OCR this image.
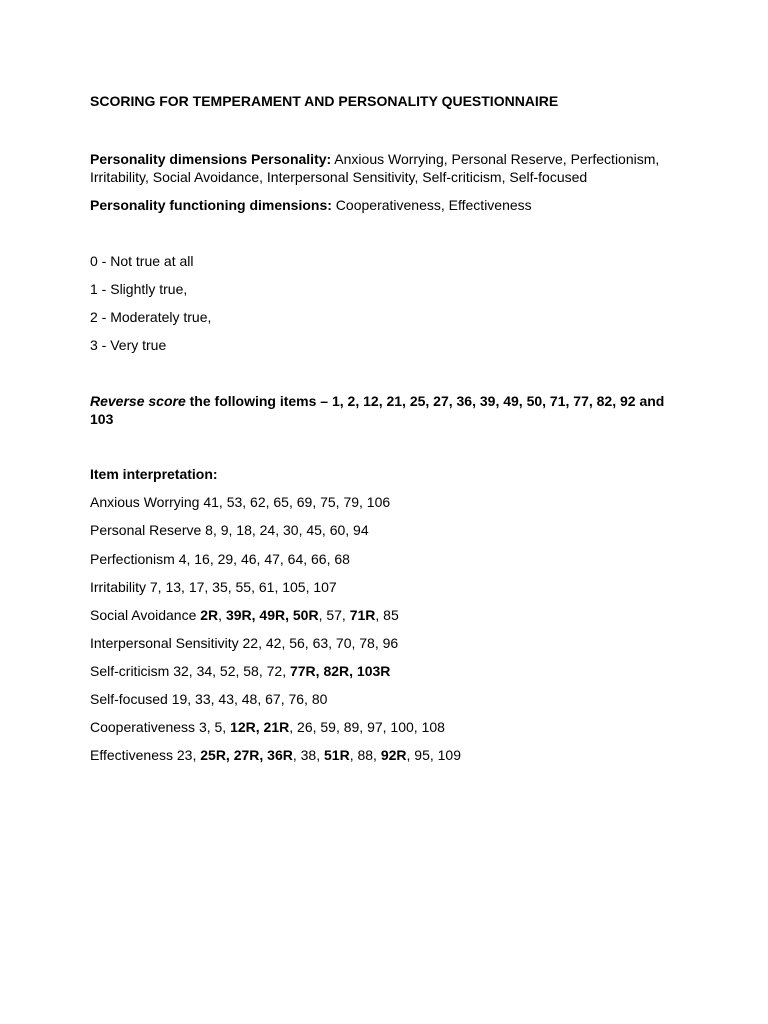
SCORING FOR TEMPERAMENT AND PERSONALITY QUESTIONNAIRE
Personality dimensions Personality: Anxious Worrying, Personal Reserve, Perfectionism,
Irritability, Social Avoidance, Interpersonal Sensitivity, Self-criticism, Self-focused
Personality functioning dimensions: Cooperativeness, Effectiveness
0 - Not true at all
1 - Slightly true,
2 - Moderately true,
3 - Very true
Reverse score the following items – 1, 2, 12, 21, 25, 27, 36, 39, 49, 50, 71, 77, 82, 92 and
103
Item interpretation:
Anxious Worrying 41, 53, 62, 65, 69, 75, 79, 106
Personal Reserve 8, 9, 18, 24, 30, 45, 60, 94
Perfectionism 4, 16, 29, 46, 47, 64, 66, 68
Irritability 7, 13, 17, 35, 55, 61, 105, 107
Social Avoidance 2R, 39R, 49R, 50R, 57, 71R, 85
Interpersonal Sensitivity 22, 42, 56, 63, 70, 78, 96
Self-criticism 32, 34, 52, 58, 72, 77R, 82R, 103R
Self-focused 19, 33, 43, 48, 67, 76, 80
Cooperativeness 3, 5, 12R, 21R, 26, 59, 89, 97, 100, 108
Effectiveness 23, 25R, 27R, 36R, 38, 51R, 88, 92R, 95, 109
